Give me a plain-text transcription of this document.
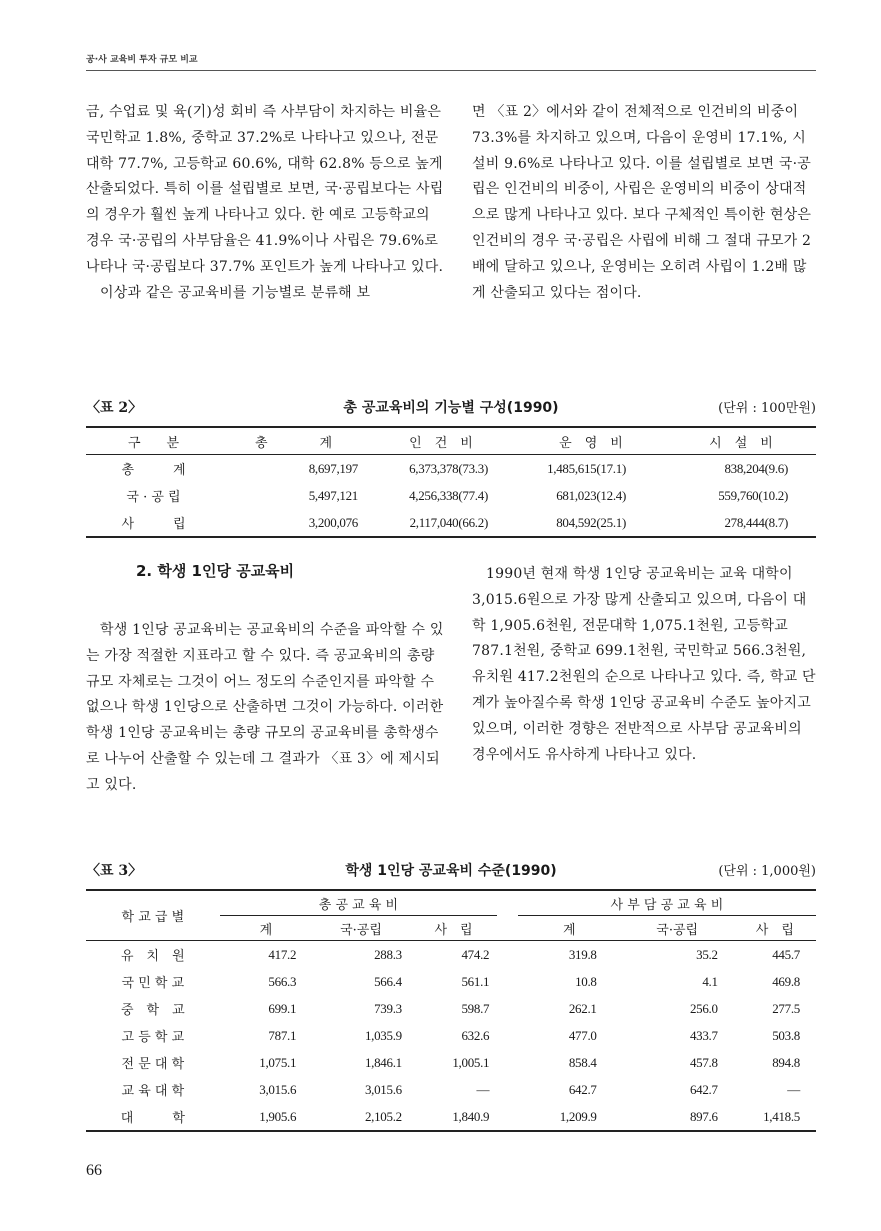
공·사 교육비 투자 규모 비교

금, 수업료 및 육(기)성 회비 즉 사부담이 차지하는 비율은 국민학교 1.8%, 중학교 37.2%로 나타나고 있으나, 전문대학 77.7%, 고등학교 60.6%, 대학 62.8% 등으로 높게 산출되었다. 특히 이를 설립별로 보면, 국·공립보다는 사립의 경우가 훨씬 높게 나타나고 있다. 한 예로 고등학교의 경우 국·공립의 사부담율은 41.9%이나 사립은 79.6%로 나타나 국·공립보다 37.7% 포인트가 높게 나타나고 있다.

이상과 같은 공교육비를 기능별로 분류해 보

면 〈표 2〉에서와 같이 전체적으로 인건비의 비중이 73.3%를 차지하고 있으며, 다음이 운영비 17.1%, 시설비 9.6%로 나타나고 있다. 이를 설립별로 보면 국·공립은 인건비의 비중이, 사립은 운영비의 비중이 상대적으로 많게 나타나고 있다. 보다 구체적인 특이한 현상은 인건비의 경우 국·공립은 사립에 비해 그 절대 규모가 2배에 달하고 있으나, 운영비는 오히려 사립이 1.2배 많게 산출되고 있다는 점이다.

〈표 2〉	총 공교육비의 기능별 구성(1990)	(단위 : 100만원)
구　　분	총　　　　계	인　건　비	운　영　비	시　설　비
총　　　계	8,697,197	6,373,378(73.3)	1,485,615(17.1)	838,204(9.6)
국 · 공 립	5,497,121	4,256,338(77.4)	681,023(12.4)	559,760(10.2)
사　　　립	3,200,076	2,117,040(66.2)	804,592(25.1)	278,444(8.7)
2. 학생 1인당 공교육비

학생 1인당 공교육비는 공교육비의 수준을 파악할 수 있는 가장 적절한 지표라고 할 수 있다. 즉 공교육비의 총량 규모 자체로는 그것이 어느 정도의 수준인지를 파악할 수 없으나 학생 1인당으로 산출하면 그것이 가능하다. 이러한 학생 1인당 공교육비는 총량 규모의 공교육비를 총학생수로 나누어 산출할 수 있는데 그 결과가 〈표 3〉에 제시되고 있다.

1990년 현재 학생 1인당 공교육비는 교육 대학이 3,015.6원으로 가장 많게 산출되고 있으며, 다음이 대학 1,905.6천원, 전문대학 1,075.1천원, 고등학교 787.1천원, 중학교 699.1천원, 국민학교 566.3천원, 유치원 417.2천원의 순으로 나타나고 있다. 즉, 학교 단계가 높아질수록 학생 1인당 공교육비 수준도 높아지고 있으며, 이러한 경향은 전반적으로 사부담 공교육비의 경우에서도 유사하게 나타나고 있다.

〈표 3〉	학생 1인당 공교육비 수준(1990)	(단위 : 1,000원)
학 교 급 별	총 공 교 육 비				사 부 담 공 교 육 비		
	계	국·공립	사　립		계	국·공립	사　립
유　치　원	417.2	288.3	474.2		319.8	35.2	445.7
국 민 학 교	566.3	566.4	561.1		10.8	4.1	469.8
중　학　교	699.1	739.3	598.7		262.1	256.0	277.5
고 등 학 교	787.1	1,035.9	632.6		477.0	433.7	503.8
전 문 대 학	1,075.1	1,846.1	1,005.1		858.4	457.8	894.8
교 육 대 학	3,015.6	3,015.6	—		642.7	642.7	—
대　　　학	1,905.6	2,105.2	1,840.9		1,209.9	897.6	1,418.5
66
